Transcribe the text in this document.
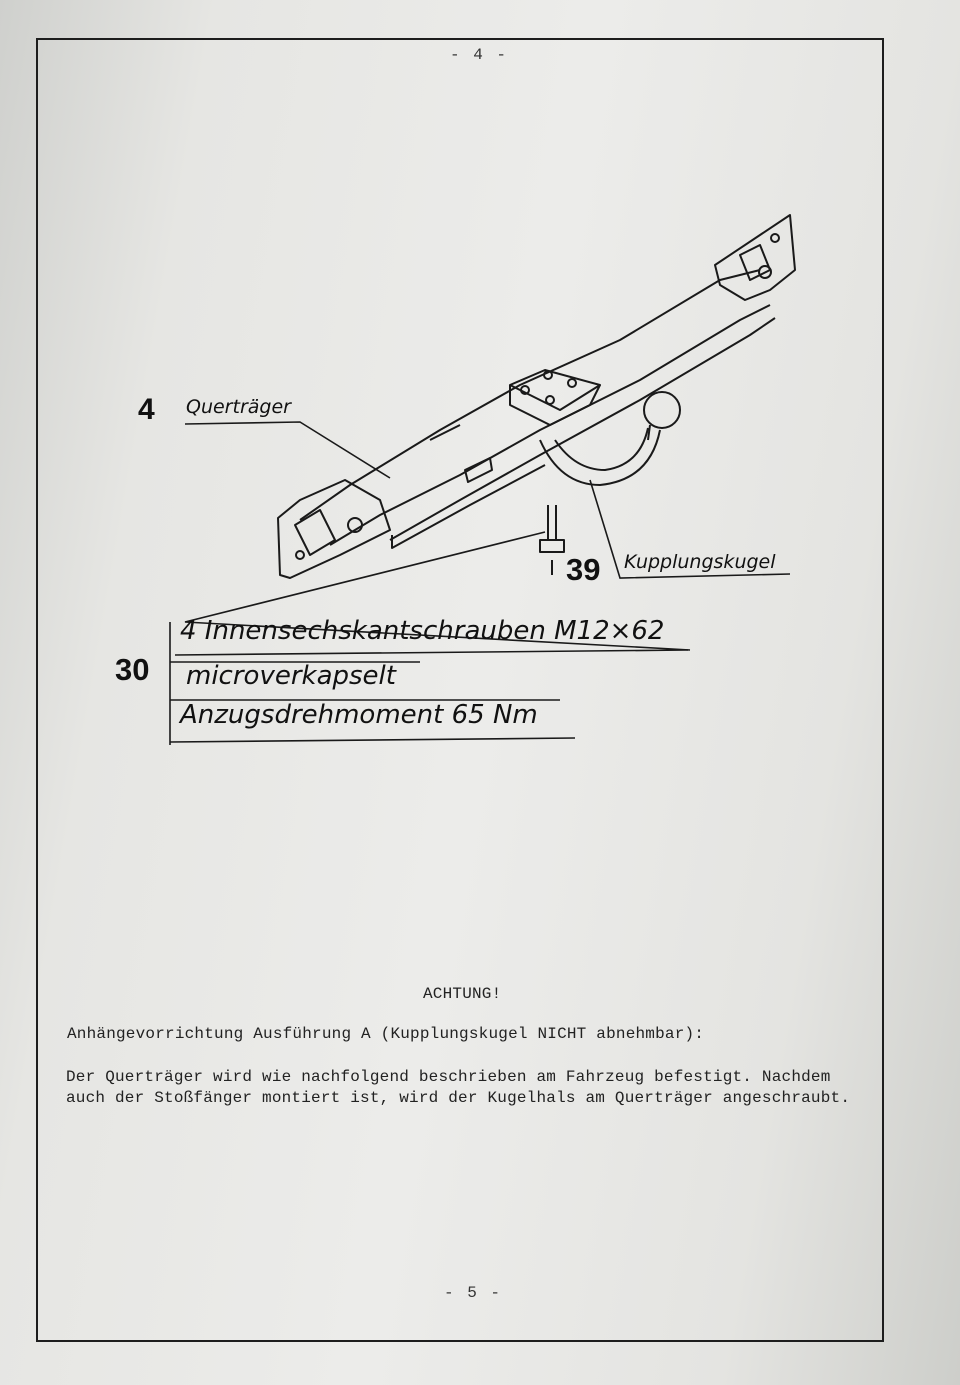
- 4 -
4 Querträger
39 Kupplungskugel
30
4 Innensechskantschrauben M12×62
microverkapselt
Anzugsdrehmoment 65 Nm
ACHTUNG!
Anhängevorrichtung Ausführung A (Kupplungskugel NICHT abnehmbar):
Der Querträger wird wie nachfolgend beschrieben am Fahrzeug befestigt. Nachdem
auch der Stoßfänger montiert ist, wird der Kugelhals am Querträger angeschraubt.
- 5 -
